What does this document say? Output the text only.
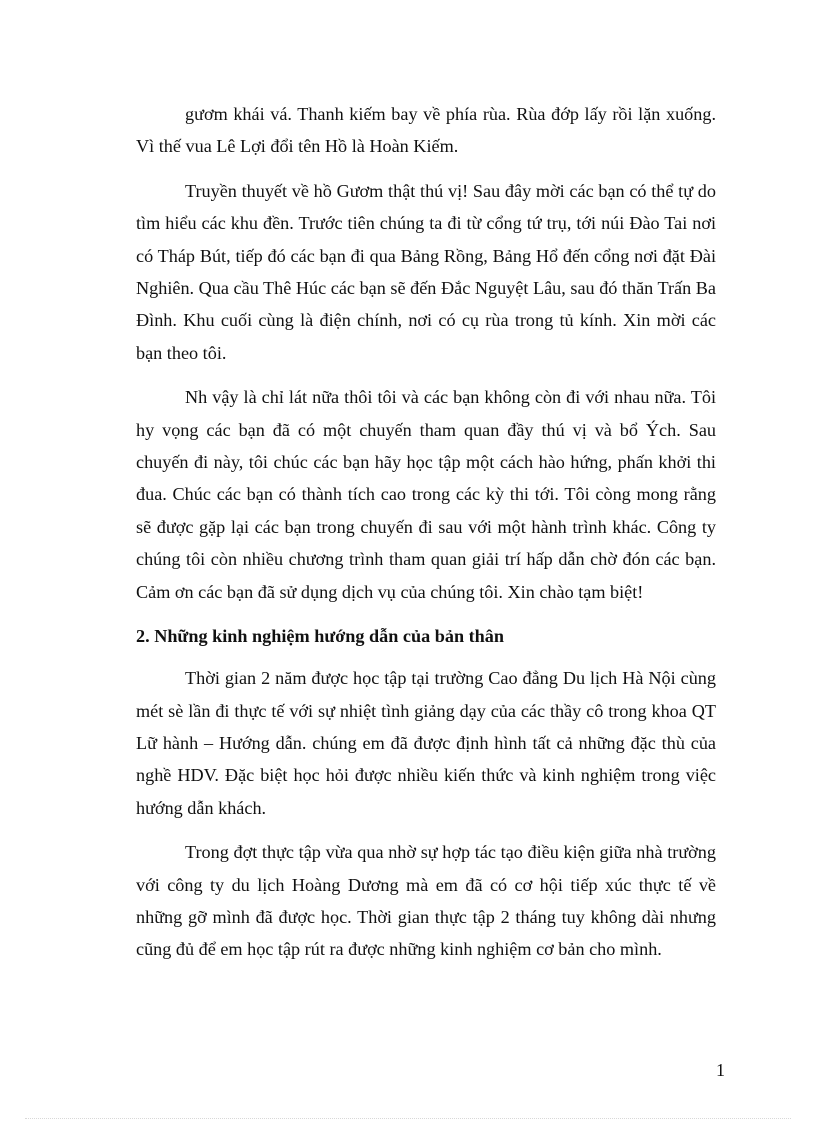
gươm khái vá. Thanh kiếm bay về phía rùa. Rùa đớp lấy rồi lặn xuống. Vì thế vua Lê Lợi đổi tên Hồ là Hoàn Kiếm.

Truyền thuyết về hồ Gươm thật thú vị! Sau đây mời các bạn có thể tự do tìm hiểu các khu đền. Trước tiên chúng ta đi từ cổng tứ trụ, tới núi Đào Tai nơi có Tháp Bút, tiếp đó các bạn đi qua Bảng Rồng, Bảng Hổ đến cổng nơi đặt Đài Nghiên. Qua cầu Thê Húc các bạn sẽ đến Đắc Nguyệt Lâu, sau đó thăn Trấn Ba Đình. Khu cuối cùng là điện chính, nơi có cụ rùa trong tủ kính. Xin mời các bạn theo tôi.

Nh vậy là chỉ lát nữa thôi tôi và các bạn không còn đi với nhau nữa. Tôi hy vọng các bạn đã có một chuyến tham quan đầy thú vị và bổ Ých. Sau chuyến đi này, tôi chúc các bạn hãy học tập một cách hào hứng, phấn khởi thi đua. Chúc các bạn có thành tích cao trong các kỳ thi tới. Tôi còng mong rằng sẽ được gặp lại các bạn trong chuyến đi sau với một hành trình khác. Công ty chúng tôi còn nhiều chương trình tham quan giải trí hấp dẫn chờ đón các bạn. Cảm ơn các bạn đã sử dụng dịch vụ của chúng tôi. Xin chào tạm biệt!

2. Những kinh nghiệm hướng dẫn của bản thân

Thời gian 2 năm được học tập tại trường Cao đẳng Du lịch Hà Nội cùng mét sè lần đi thực tế với sự nhiệt tình giảng dạy của các thầy cô trong khoa QT Lữ hành – Hướng dẫn. chúng em đã được định hình tất cả những đặc thù của nghề HDV. Đặc biệt học hỏi được nhiều kiến thức và kinh nghiệm trong việc hướng dẫn khách.

Trong đợt thực tập vừa qua nhờ sự hợp tác tạo điều kiện giữa nhà trường với công ty du lịch Hoàng Dương mà em đã có cơ hội tiếp xúc thực tế về những gỡ mình đã được học. Thời gian thực tập 2 tháng tuy không dài nhưng cũng đủ để em học tập rút ra được những kinh nghiệm cơ bản cho mình.

1
